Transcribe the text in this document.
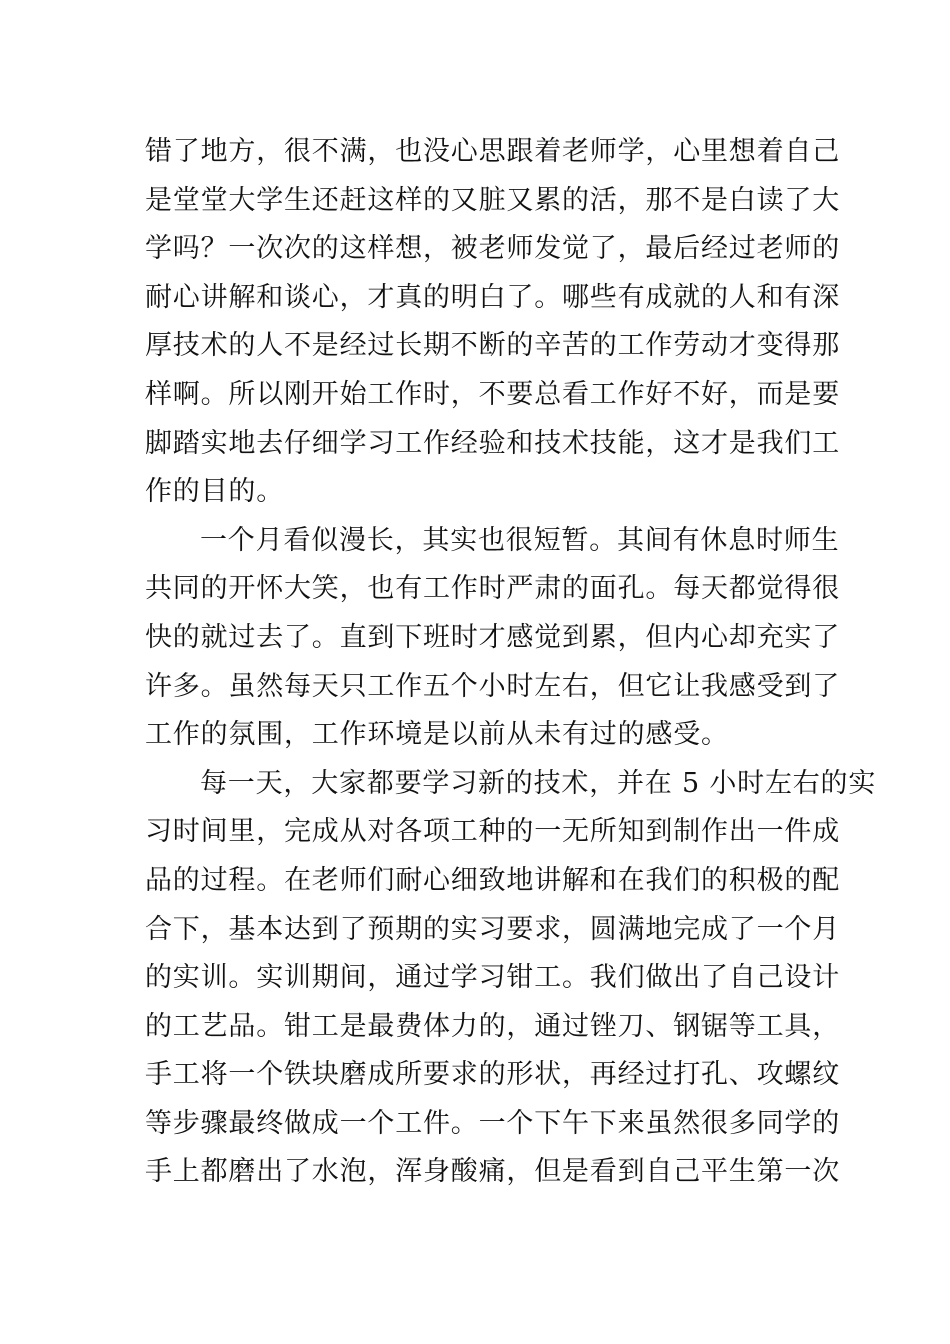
错了地方，很不满，也没心思跟着老师学，心里想着自己
是堂堂大学生还赶这样的又脏又累的活，那不是白读了大
学吗？一次次的这样想，被老师发觉了，最后经过老师的
耐心讲解和谈心，才真的明白了。哪些有成就的人和有深
厚技术的人不是经过长期不断的辛苦的工作劳动才变得那
样啊。所以刚开始工作时，不要总看工作好不好，而是要
脚踏实地去仔细学习工作经验和技术技能，这才是我们工
作的目的。
一个月看似漫长，其实也很短暂。其间有休息时师生
共同的开怀大笑，也有工作时严肃的面孔。每天都觉得很
快的就过去了。直到下班时才感觉到累，但内心却充实了
许多。虽然每天只工作五个小时左右，但它让我感受到了
工作的氛围，工作环境是以前从未有过的感受。
每一天，大家都要学习新的技术，并在 5 小时左右的实
习时间里，完成从对各项工种的一无所知到制作出一件成
品的过程。在老师们耐心细致地讲解和在我们的积极的配
合下，基本达到了预期的实习要求，圆满地完成了一个月
的实训。实训期间，通过学习钳工。我们做出了自己设计
的工艺品。钳工是最费体力的，通过锉刀、钢锯等工具，
手工将一个铁块磨成所要求的形状，再经过打孔、攻螺纹
等步骤最终做成一个工件。一个下午下来虽然很多同学的
手上都磨出了水泡，浑身酸痛，但是看到自己平生第一次
